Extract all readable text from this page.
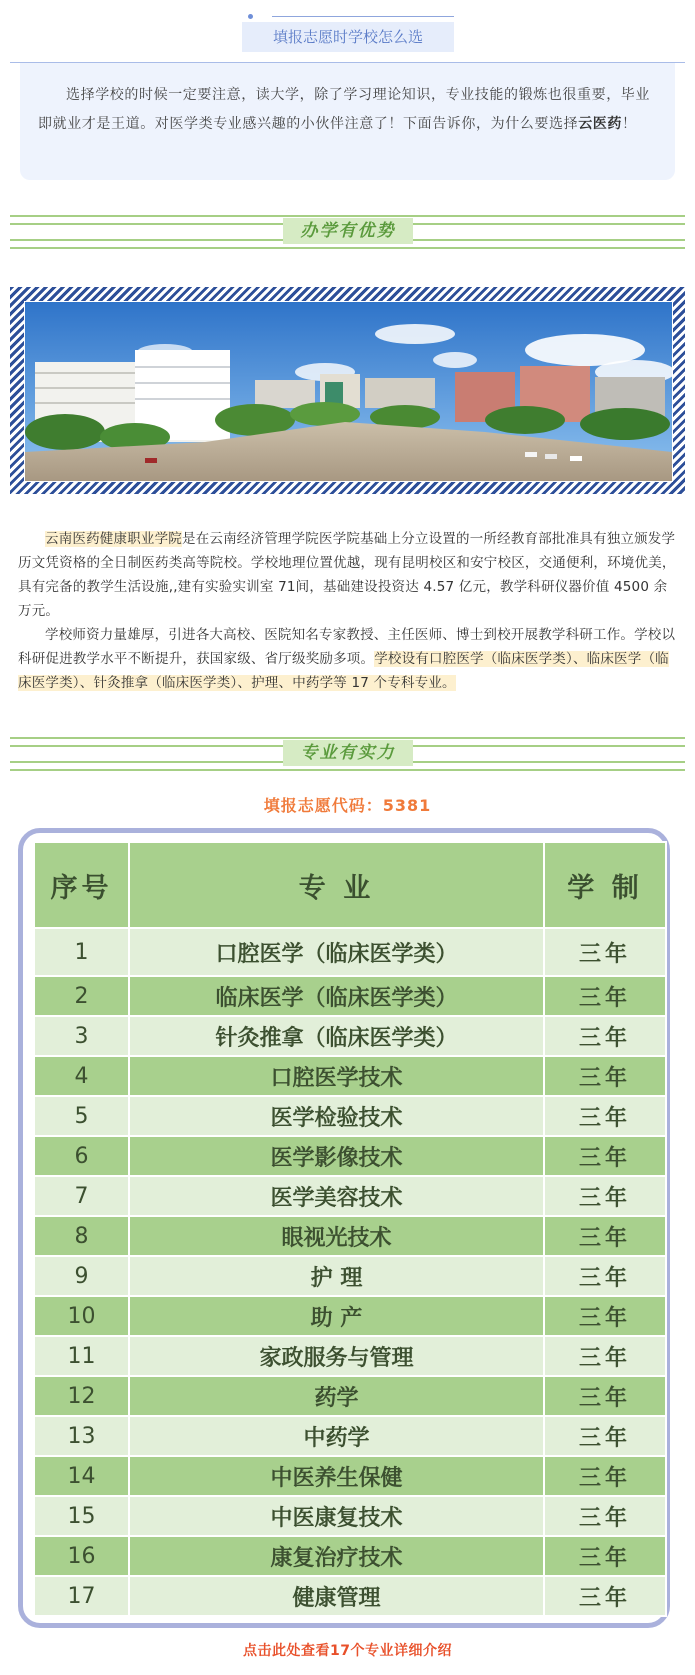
填报志愿时学校怎么选

选择学校的时候一定要注意，读大学，除了学习理论知识，专业技能的锻炼也很重要，毕业即就业才是王道。对医学类专业感兴趣的小伙伴注意了！下面告诉你，为什么要选择云医药！

办学有优势

云南医药健康职业学院是在云南经济管理学院医学院基础上分立设置的一所经教育部批准具有独立颁发学历文凭资格的全日制医药类高等院校。学校地理位置优越，现有昆明校区和安宁校区，交通便利，环境优美，具有完备的教学生活设施,,建有实验实训室 71间，基础建设投资达 4.57 亿元，教学科研仪器价值 4500 余万元。

学校师资力量雄厚，引进各大高校、医院知名专家教授、主任医师、博士到校开展教学科研工作。学校以科研促进教学水平不断提升，获国家级、省厅级奖励多项。学校设有口腔医学（临床医学类）、临床医学（临床医学类）、针灸推拿（临床医学类）、护理、中药学等 17 个专科专业。

专业有实力
填报志愿代码：5381
序号	专 业	学 制
1	口腔医学（临床医学类）	三年
2	临床医学（临床医学类）	三年
3	针灸推拿（临床医学类）	三年
4	口腔医学技术	三年
5	医学检验技术	三年
6	医学影像技术	三年
7	医学美容技术	三年
8	眼视光技术	三年
9	护 理	三年
10	助 产	三年
11	家政服务与管理	三年
12	药学	三年
13	中药学	三年
14	中医养生保健	三年
15	中医康复技术	三年
16	康复治疗技术	三年
17	健康管理	三年
点击此处查看17个专业详细介绍
